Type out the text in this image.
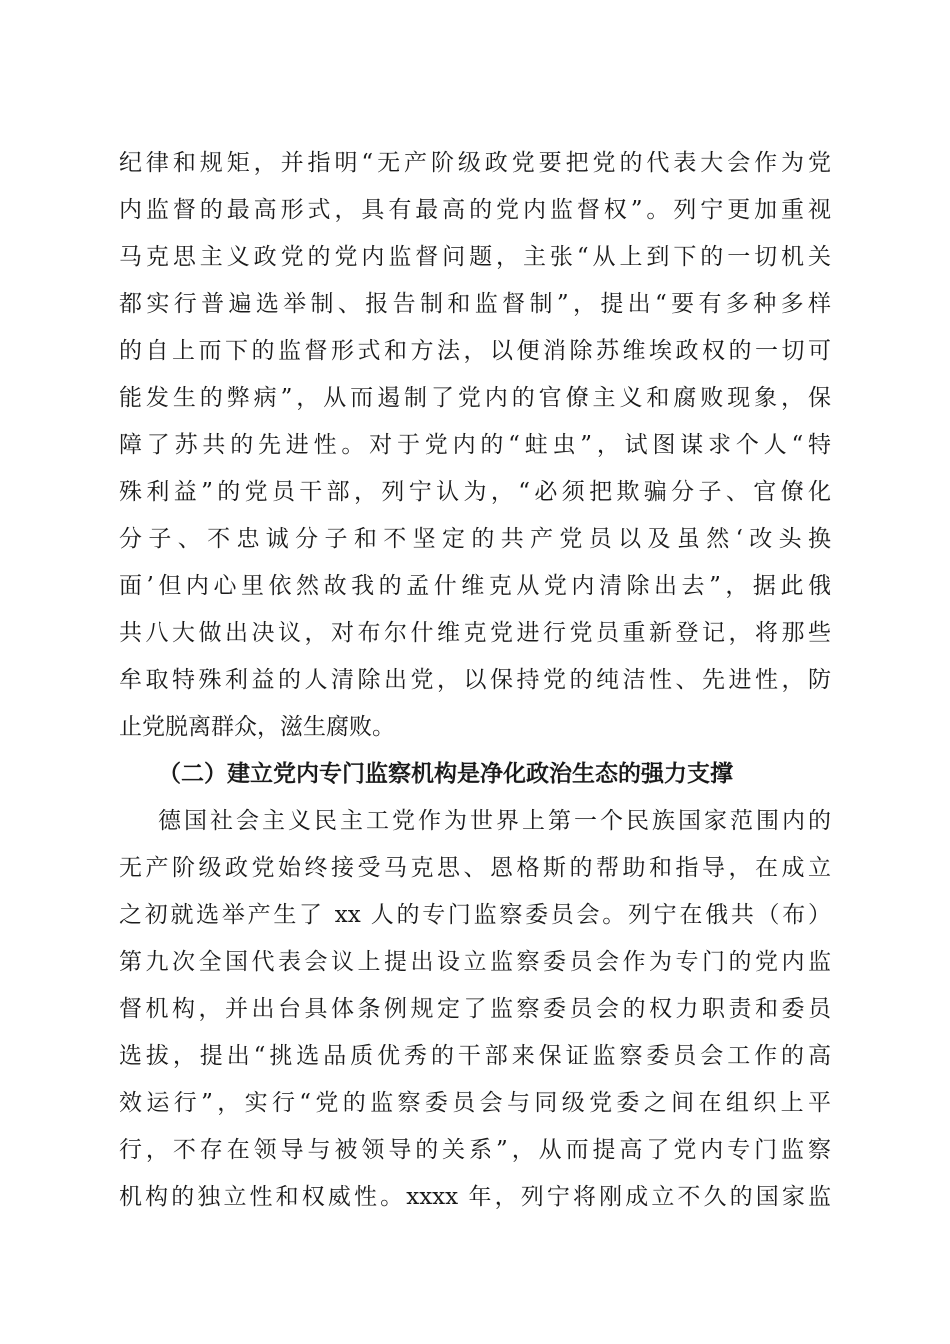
纪律和规矩，并指明“无产阶级政党要把党的代表大会作为党
内监督的最高形式，具有最高的党内监督权”。列宁更加重视
马克思主义政党的党内监督问题，主张“从上到下的一切机关
都实行普遍选举制、报告制和监督制”，提出“要有多种多样
的自上而下的监督形式和方法，以便消除苏维埃政权的一切可
能发生的弊病”，从而遏制了党内的官僚主义和腐败现象，保
障了苏共的先进性。对于党内的“蛀虫”，试图谋求个人“特
殊利益”的党员干部，列宁认为，“必须把欺骗分子、官僚化
分子、不忠诚分子和不坚定的共产党员以及虽然‘改头换
面’但内心里依然故我的孟什维克从党内清除出去”，据此俄
共八大做出决议，对布尔什维克党进行党员重新登记，将那些
牟取特殊利益的人清除出党，以保持党的纯洁性、先进性，防
止党脱离群众，滋生腐败。
（二）建立党内专门监察机构是净化政治生态的强力支撑
德国社会主义民主工党作为世界上第一个民族国家范围内的
无产阶级政党始终接受马克思、恩格斯的帮助和指导，在成立
之初就选举产生了 xx 人的专门监察委员会。列宁在俄共（布）
第九次全国代表会议上提出设立监察委员会作为专门的党内监
督机构，并出台具体条例规定了监察委员会的权力职责和委员
选拔，提出“挑选品质优秀的干部来保证监察委员会工作的高
效运行”，实行“党的监察委员会与同级党委之间在组织上平
行，不存在领导与被领导的关系”，从而提高了党内专门监察
机构的独立性和权威性。xxxx 年，列宁将刚成立不久的国家监
